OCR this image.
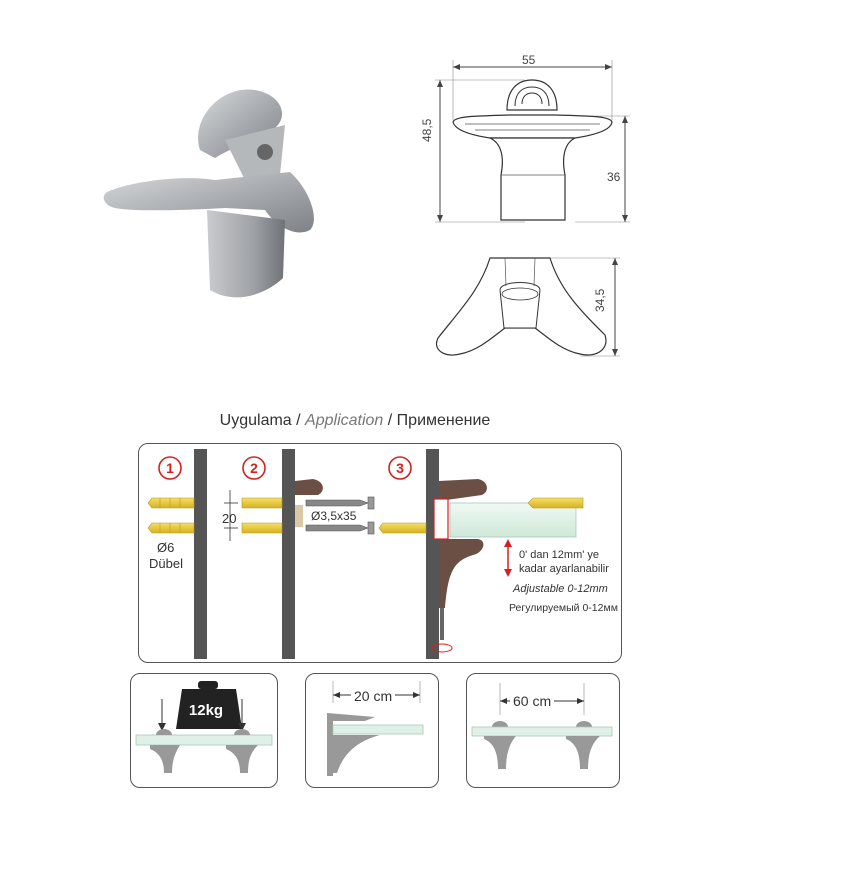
55
48,5
36
34,5
Uygulama / Application / Применение
1	2	3
Ø6
Dübel
20	Ø3,5x35
0' dan 12mm' ye
kadar ayarlanabilir
Adjustable 0-12mm
Регулируемый 0-12мм
12kg
20 cm	60 cm
